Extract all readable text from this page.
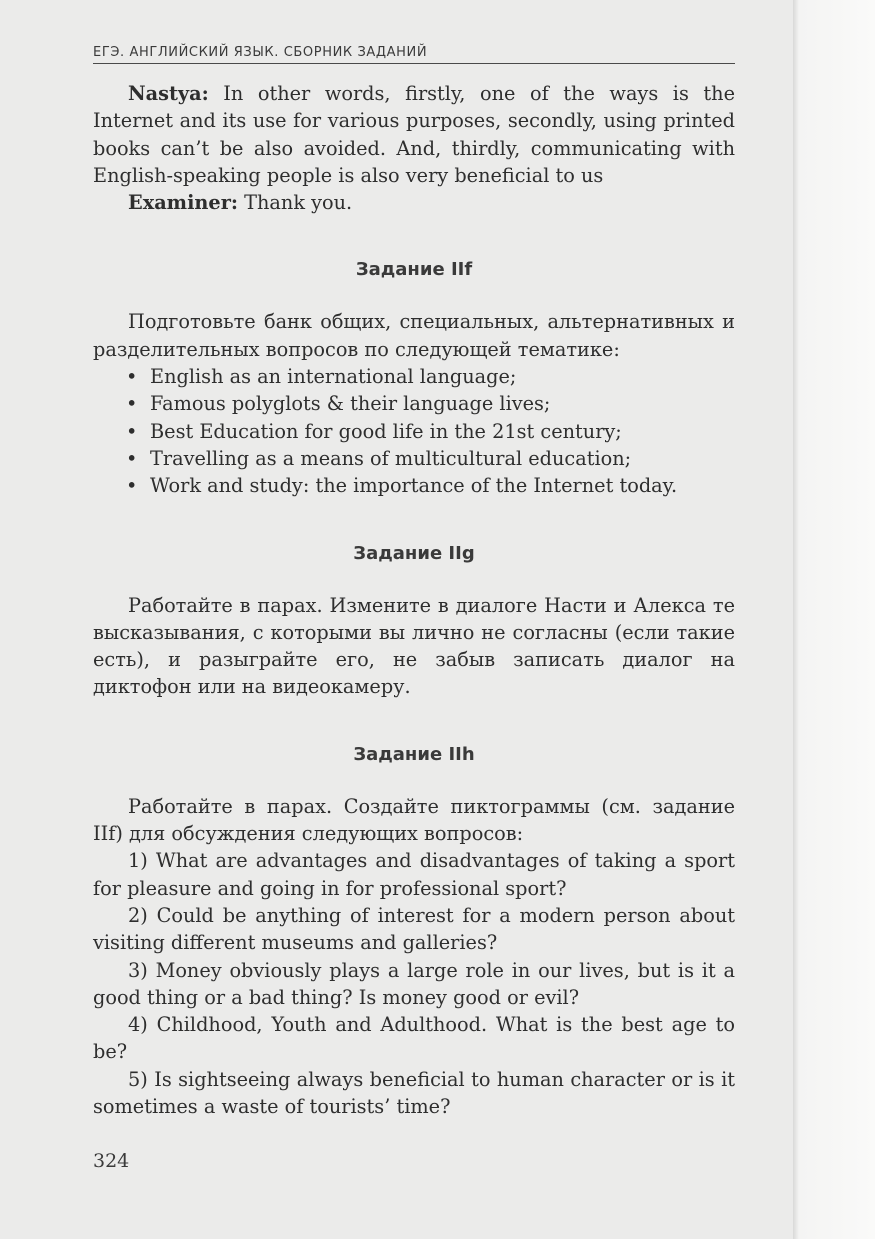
ЕГЭ. АНГЛИЙСКИЙ ЯЗЫК. СБОРНИК ЗАДАНИЙ

Nastya: In other words, firstly, one of the ways is the Internet and its use for various purposes, secondly, using printed books can’t be also avoided. And, thirdly, communicating with English-speaking people is also very beneficial to us

Examiner: Thank you.

Задание IIf

Подготовьте банк общих, специальных, альтернативных и разделительных вопросов по следующей тематике:

• English as an international language;
• Famous polyglots & their language lives;
• Best Education for good life in the 21st century;
• Travelling as a means of multicultural education;
• Work and study: the importance of the Internet today.
Задание IIg

Работайте в парах. Измените в диалоге Насти и Алекса те высказывания, с которыми вы лично не согласны (если такие есть), и разыграйте его, не забыв записать диалог на диктофон или на видеокамеру.

Задание IIh

Работайте в парах. Создайте пиктограммы (см. задание IIf) для обсуждения следующих вопросов:

1) What are advantages and disadvantages of taking a sport for pleasure and going in for professional sport?

2) Could be anything of interest for a modern person about visiting different museums and galleries?

3) Money obviously plays a large role in our lives, but is it a good thing or a bad thing? Is money good or evil?

4) Childhood, Youth and Adulthood. What is the best age to be?

5) Is sightseeing always beneficial to human character or is it sometimes a waste of tourists’ time?

324
